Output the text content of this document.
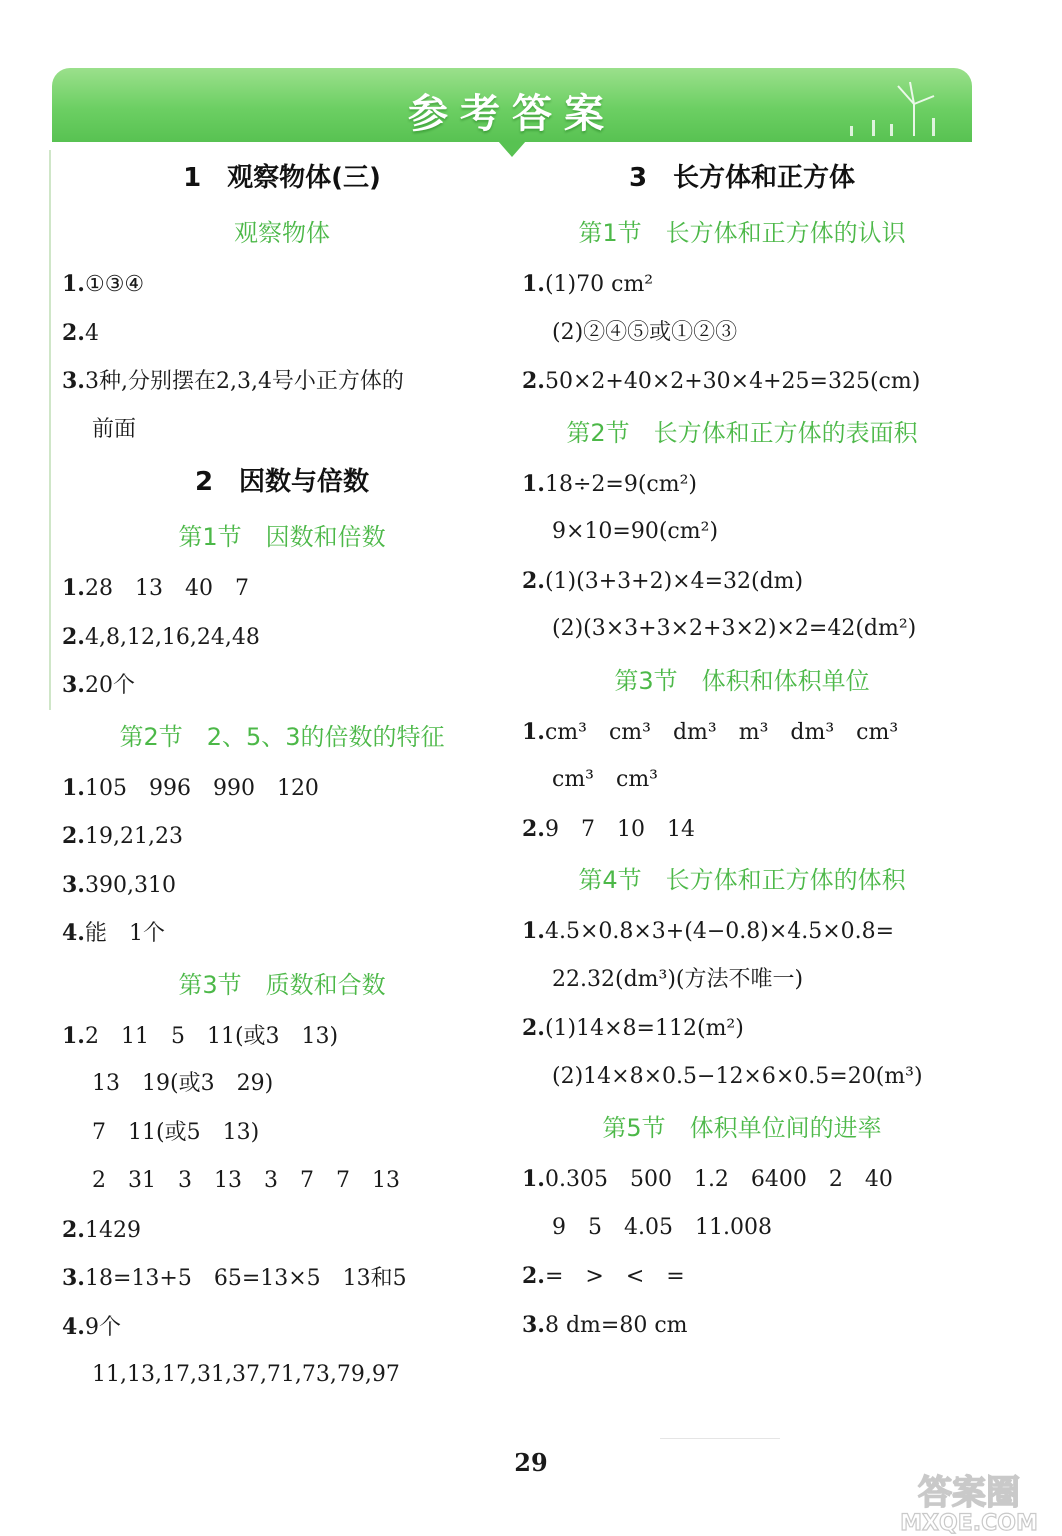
参考答案
1　观察物体(三)
观察物体
1.①③④
2.4
3.3种,分别摆在2,3,4号小正方体的
前面
2　因数与倍数
第1节　因数和倍数
1.28　13　40　7
2.4,8,12,16,24,48
3.20个
第2节　2、5、3的倍数的特征
1.105　996　990　120
2.19,21,23
3.390,310
4.能　1个
第3节　质数和合数
1.2　11　5　11(或3　13)
13　19(或3　29)
7　11(或5　13)
2　31　3　13　3　7　7　13
2.1429
3.18=13+5　65=13×5　13和5
4.9个
11,13,17,31,37,71,73,79,97
3　长方体和正方体
第1节　长方体和正方体的认识
1.(1)70 cm²
(2)②④⑤或①②③
2.50×2+40×2+30×4+25=325(cm)
第2节　长方体和正方体的表面积
1.18÷2=9(cm²)
9×10=90(cm²)
2.(1)(3+3+2)×4=32(dm)
(2)(3×3+3×2+3×2)×2=42(dm²)
第3节　体积和体积单位
1.cm³　cm³　dm³　m³　dm³　cm³
cm³　cm³
2.9　7　10　14
第4节　长方体和正方体的体积
1.4.5×0.8×3+(4−0.8)×4.5×0.8=
22.32(dm³)(方法不唯一)
2.(1)14×8=112(m²)
(2)14×8×0.5−12×6×0.5=20(m³)
第5节　体积单位间的进率
1.0.305　500　1.2　6400　2　40
9　5　4.05　11.008
2.=　>　<　=
3.8 dm=80 cm
29
答案圈
MXQE.COM
